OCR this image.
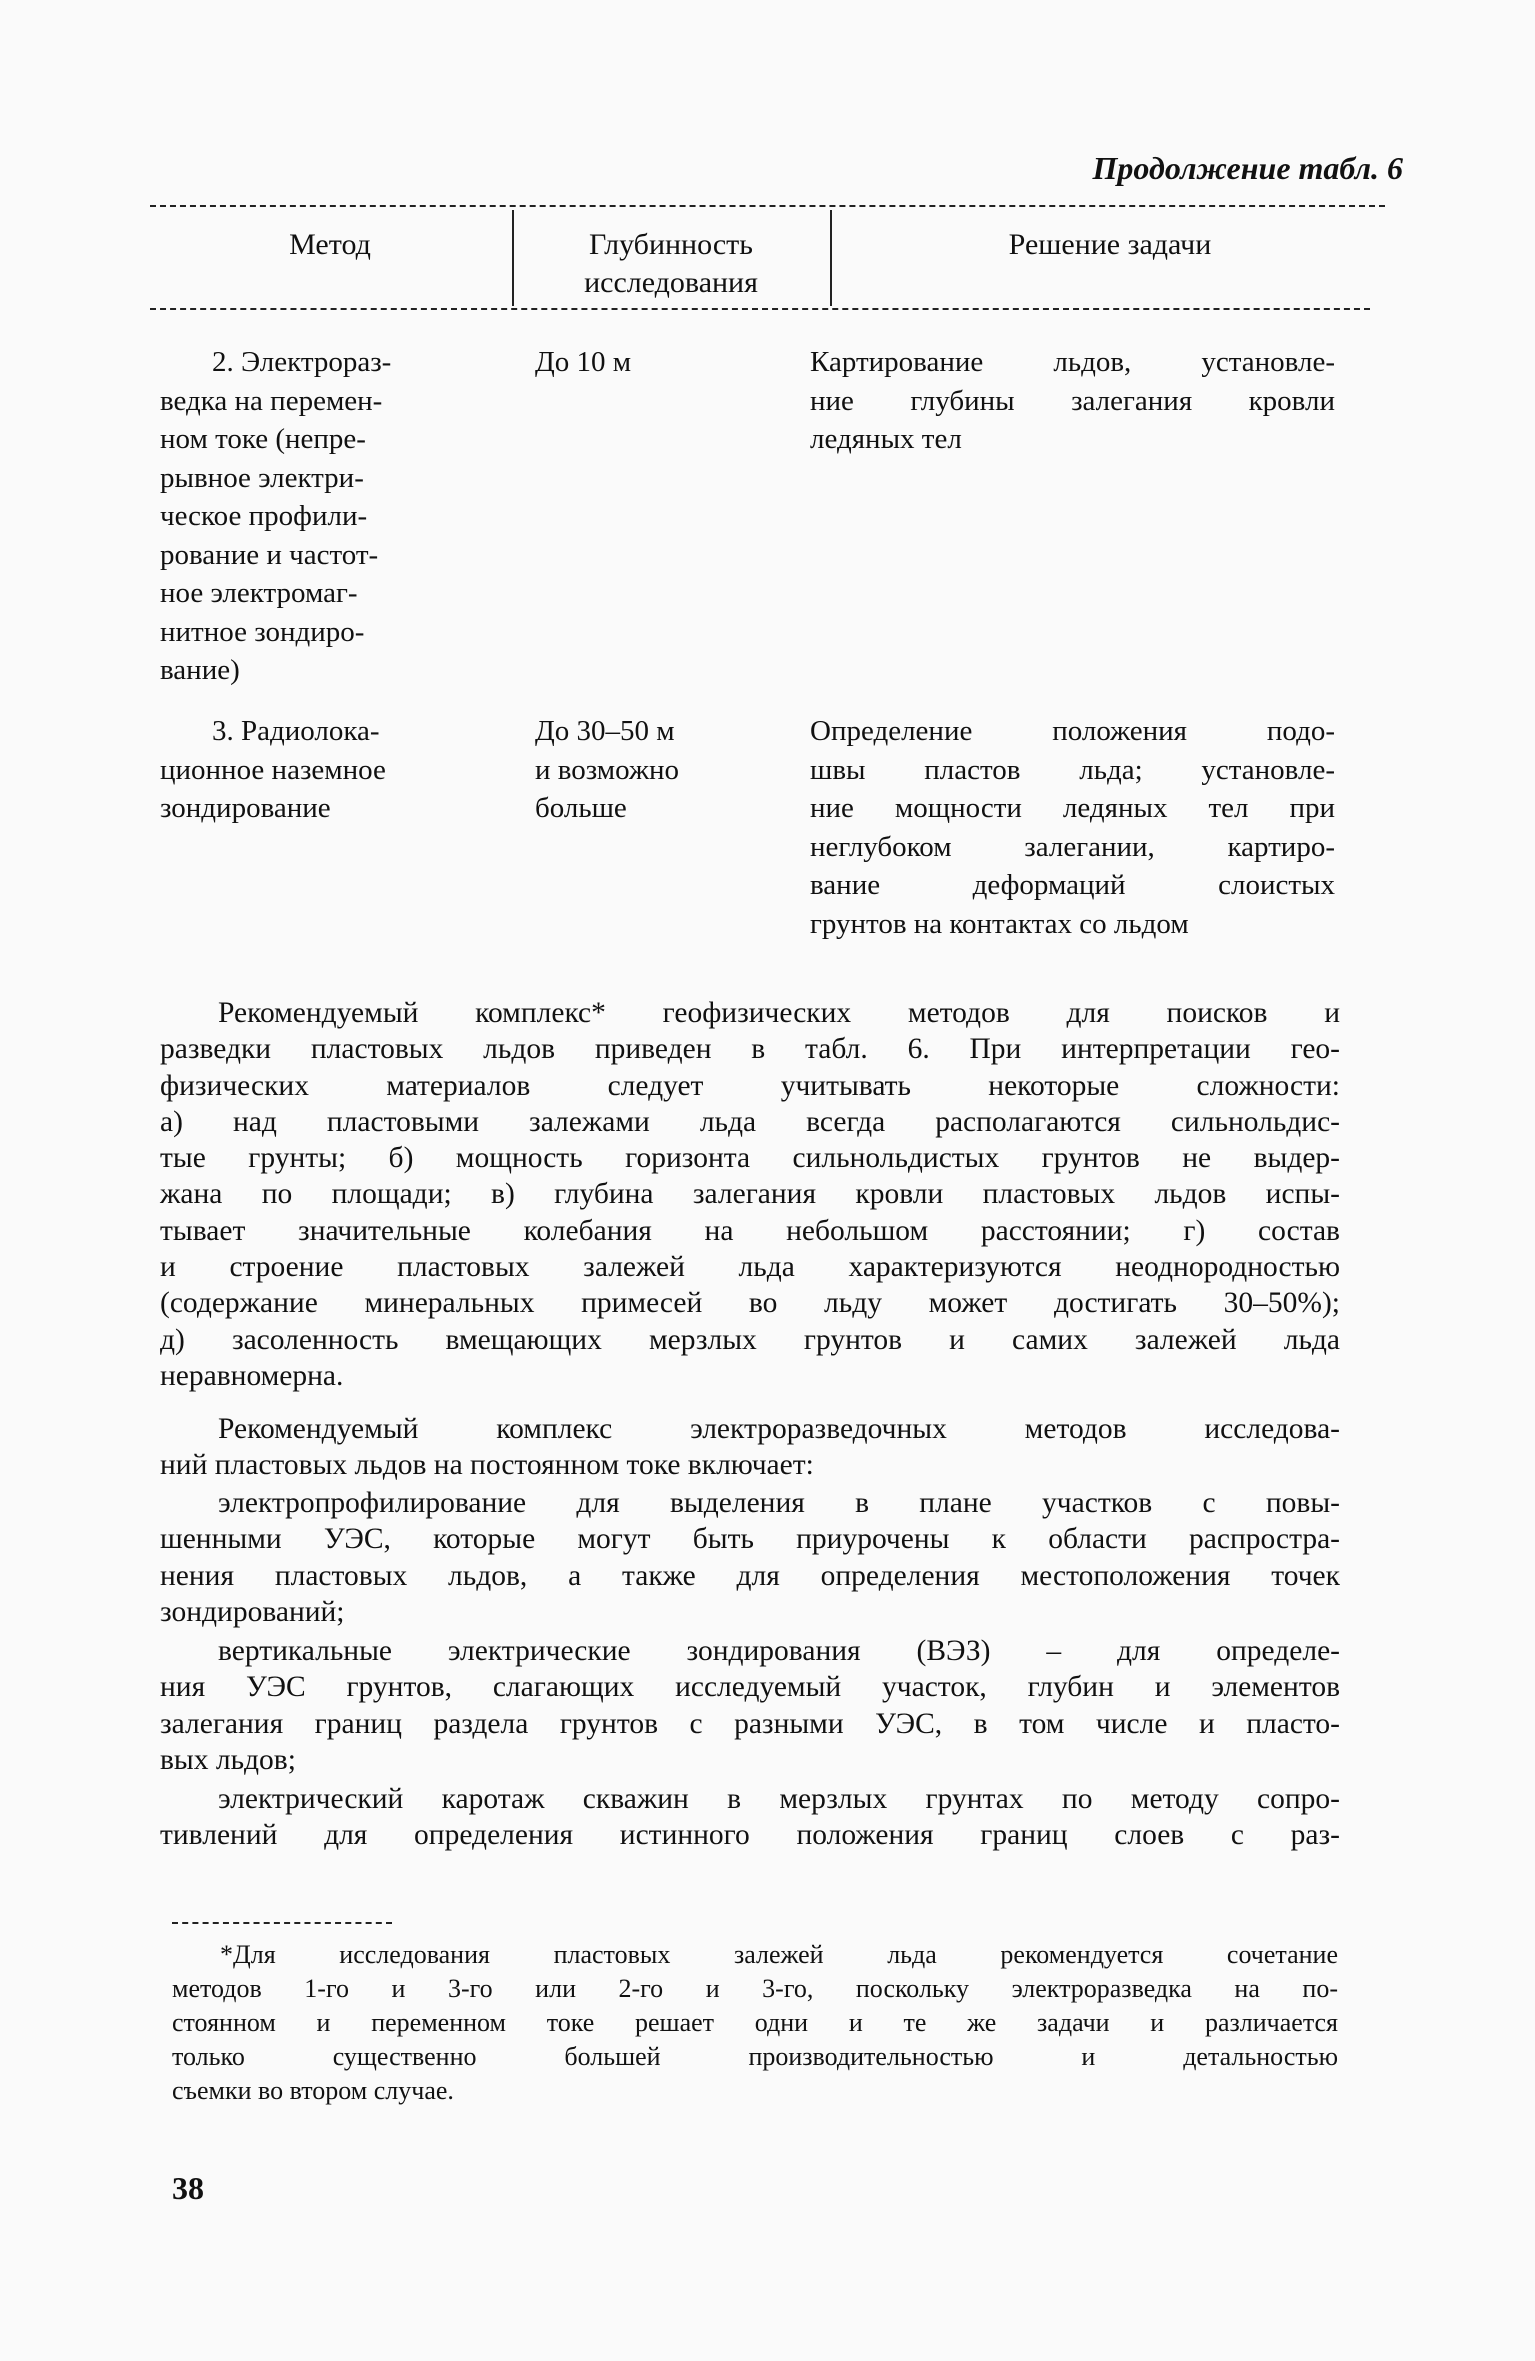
Продолжение табл. 6
Метод	Глубинность
исследования
Решение задачи
2. Электрораз-
ведка на перемен-
ном токе (непре-
рывное электри-
ческое профили-
рование и частот-
ное электромаг-
нитное зондиро-
вание)
До 10 м	Картирование льдов, установле-
ние глубины залегания кровли
ледяных тел
3. Радиолока-
ционное наземное
зондирование
До 30–50 м
и возможно
больше
Определение положения подо-
швы пластов льда; установле-
ние мощности ледяных тел при
неглубоком залегании, картиро-
вание деформаций слоистых
грунтов на контактах со льдом
Рекомендуемый комплекс* геофизических методов для поисков и
разведки пластовых льдов приведен в табл. 6. При интерпретации гео-
физических материалов следует учитывать некоторые сложности:
а) над пластовыми залежами льда всегда располагаются сильнольдис-
тые грунты; б) мощность горизонта сильнольдистых грунтов не выдер-
жана по площади; в) глубина залегания кровли пластовых льдов испы-
тывает значительные колебания на небольшом расстоянии; г) состав
и строение пластовых залежей льда характеризуются неоднородностью
(содержание минеральных примесей во льду может достигать 30–50%);
д) засоленность вмещающих мерзлых грунтов и самих залежей льда
неравномерна.
Рекомендуемый комплекс электроразведочных методов исследова-
ний пластовых льдов на постоянном токе включает:
электропрофилирование для выделения в плане участков с повы-
шенными УЭС, которые могут быть приурочены к области распростра-
нения пластовых льдов, а также для определения местоположения точек
зондирований;
вертикальные электрические зондирования (ВЭЗ) – для определе-
ния УЭС грунтов, слагающих исследуемый участок, глубин и элементов
залегания границ раздела грунтов с разными УЭС, в том числе и пласто-
вых льдов;
электрический каротаж скважин в мерзлых грунтах по методу сопро-
тивлений для определения истинного положения границ слоев с раз-
*Для исследования пластовых залежей льда рекомендуется сочетание
методов 1-го и 3-го или 2-го и 3-го, поскольку электроразведка на по-
стоянном и переменном токе решает одни и те же задачи и различается
только существенно большей производительностью и детальностью
съемки во втором случае.
38
